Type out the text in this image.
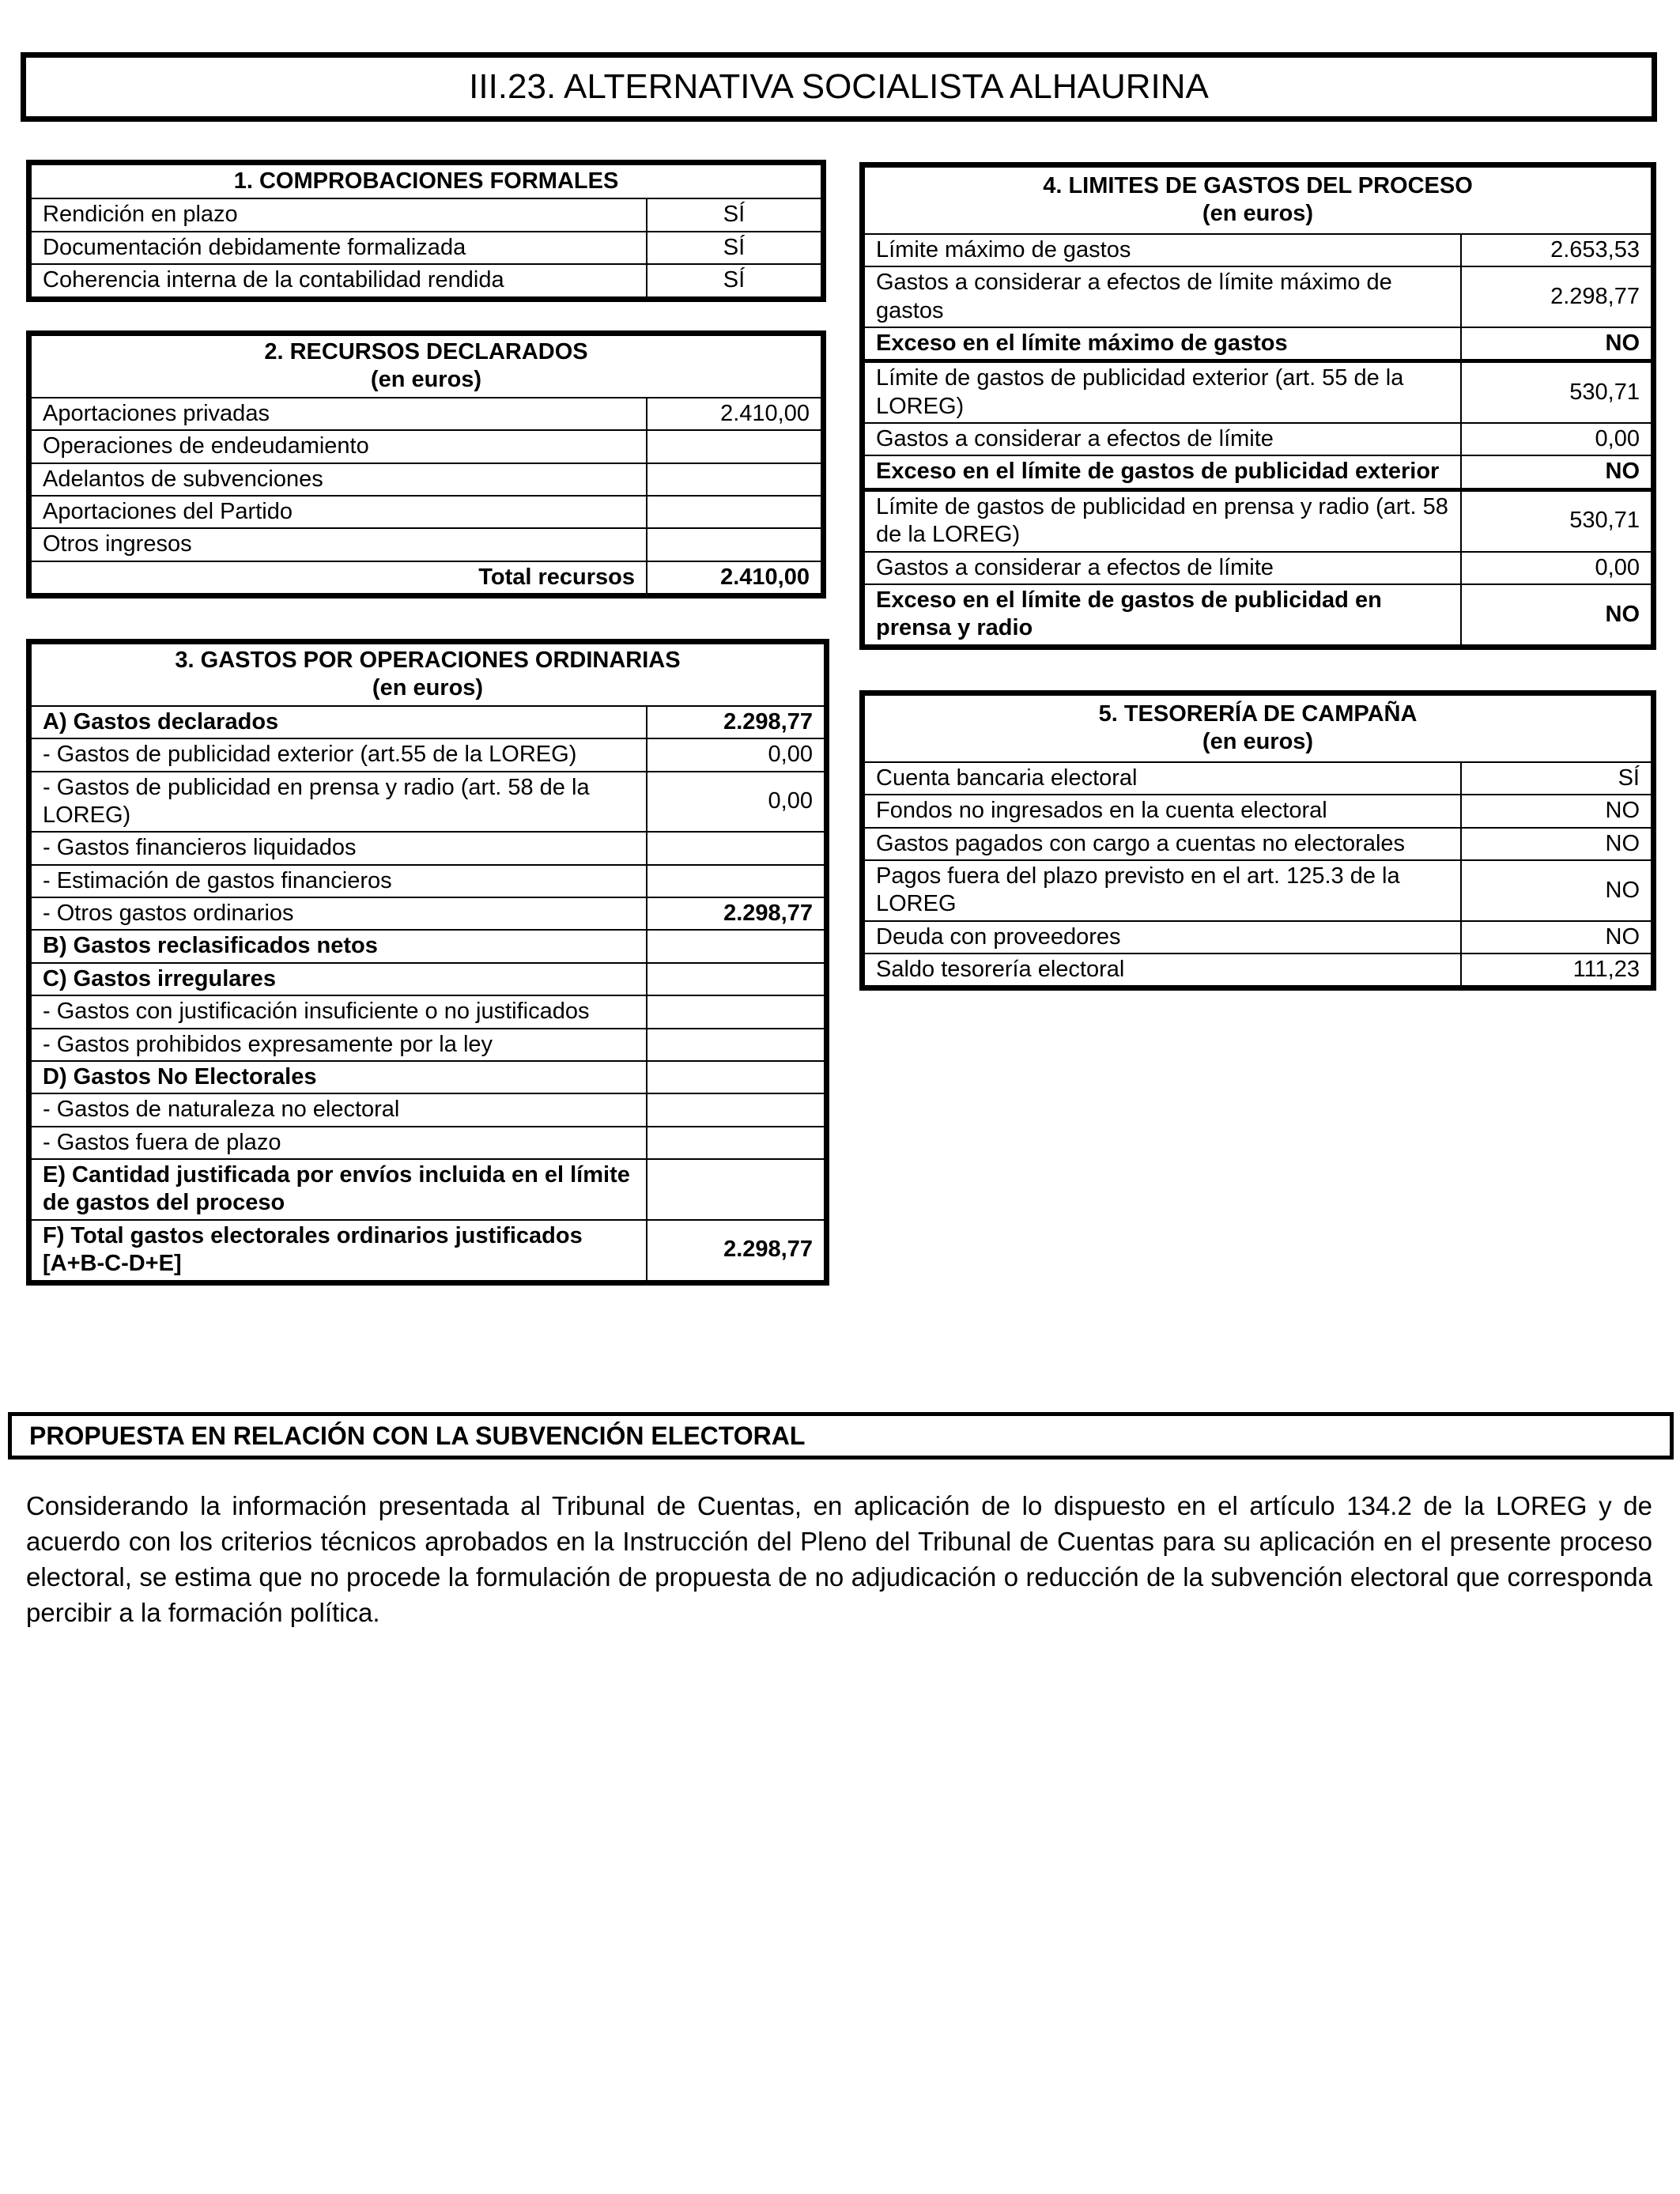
III.23. ALTERNATIVA SOCIALISTA ALHAURINA
1. COMPROBACIONES FORMALES	
Rendición en plazo	SÍ
Documentación debidamente formalizada	SÍ
Coherencia interna de la contabilidad rendida	SÍ
2. RECURSOS DECLARADOS
(en euros)	
Aportaciones privadas	2.410,00
Operaciones de endeudamiento	
Adelantos de subvenciones	
Aportaciones del Partido	
Otros ingresos	
Total recursos	2.410,00
3. GASTOS POR OPERACIONES ORDINARIAS
(en euros)	
A) Gastos declarados	2.298,77
- Gastos de publicidad exterior (art.55 de la LOREG)	0,00
- Gastos de publicidad en prensa y radio (art. 58 de la LOREG)	0,00
- Gastos financieros liquidados	
- Estimación de gastos financieros	
- Otros gastos ordinarios	2.298,77
B) Gastos reclasificados netos	
C) Gastos irregulares	
- Gastos con justificación insuficiente o no justificados	
- Gastos prohibidos expresamente por la ley	
D) Gastos No Electorales	
- Gastos de naturaleza no electoral	
- Gastos fuera de plazo	
E) Cantidad justificada por envíos incluida en el límite de gastos del proceso	
F) Total gastos electorales ordinarios justificados [A+B-C-D+E]	2.298,77
4. LIMITES DE GASTOS DEL PROCESO
(en euros)	
Límite máximo de gastos	2.653,53
Gastos a considerar a efectos de límite máximo de gastos	2.298,77
Exceso en el límite máximo de gastos	NO
Límite de gastos de publicidad exterior (art. 55 de la LOREG)	530,71
Gastos a considerar a efectos de límite	0,00
Exceso en el límite de gastos de publicidad exterior	NO
Límite de gastos de publicidad en prensa y radio (art. 58 de la LOREG)	530,71
Gastos a considerar a efectos de límite	0,00
Exceso en el límite de gastos de publicidad en prensa y radio	NO
5. TESORERÍA DE CAMPAÑA
(en euros)	
Cuenta bancaria electoral	SÍ
Fondos no ingresados en la cuenta electoral	NO
Gastos pagados con cargo a cuentas no electorales	NO
Pagos fuera del plazo previsto en el art. 125.3 de la LOREG	NO
Deuda con proveedores	NO
Saldo tesorería electoral	111,23
PROPUESTA EN RELACIÓN CON LA SUBVENCIÓN ELECTORAL

Considerando la información presentada al Tribunal de Cuentas, en aplicación de lo dispuesto en el artículo 134.2 de la LOREG y de acuerdo con los criterios técnicos aprobados en la Instrucción del Pleno del Tribunal de Cuentas para su aplicación en el presente proceso electoral, se estima que no procede la formulación de propuesta de no adjudicación o reducción de la subvención electoral que corresponda percibir a la formación política.
